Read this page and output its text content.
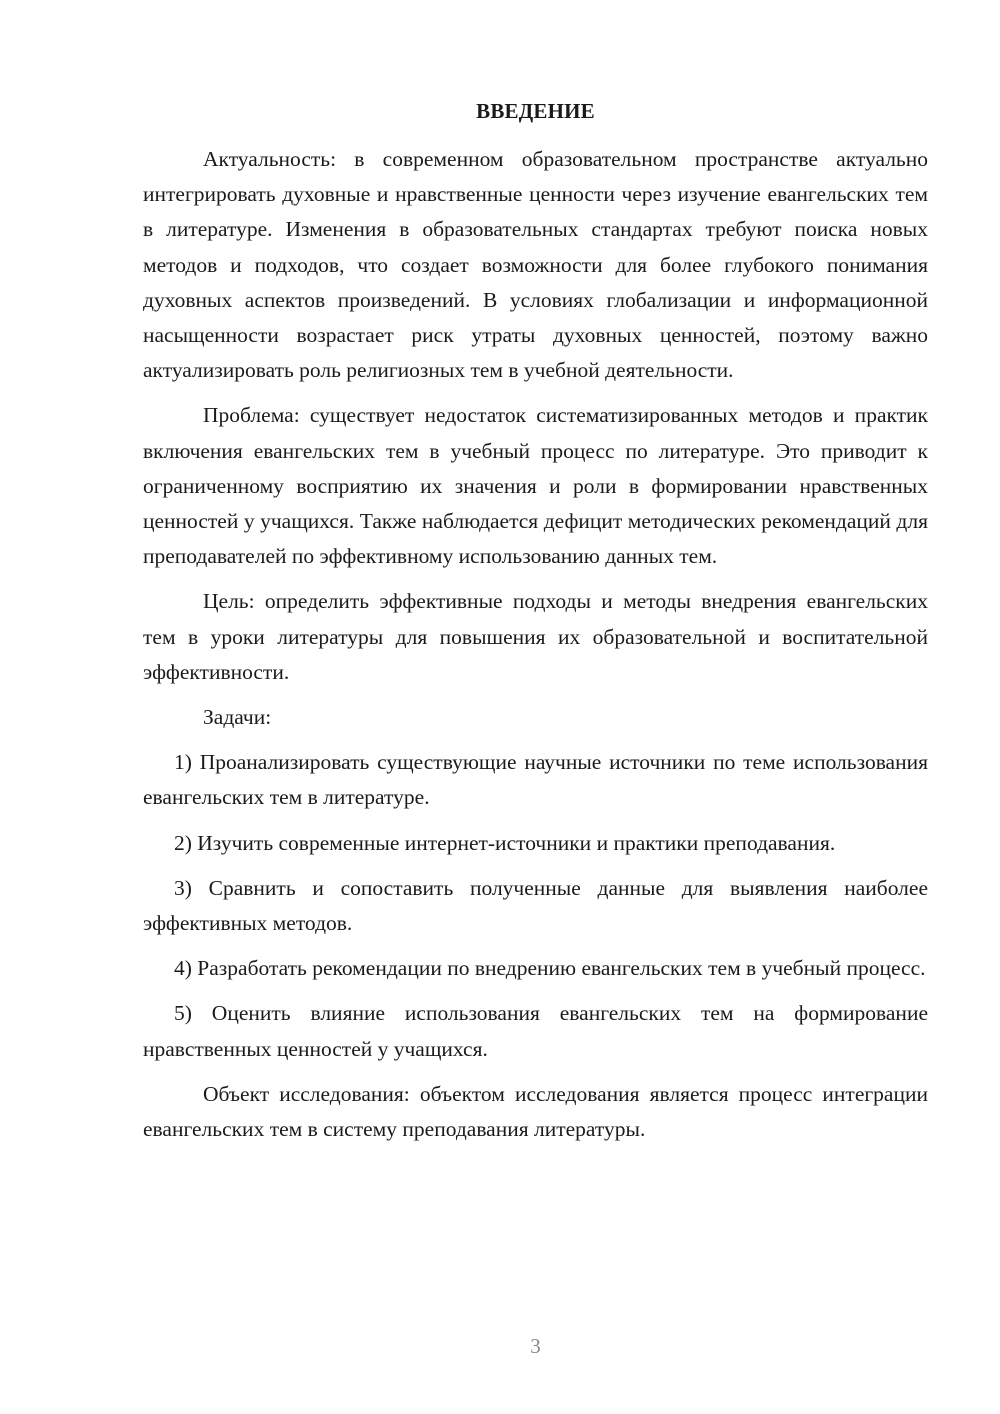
ВВЕДЕНИЕ

Актуальность: в современном образовательном пространстве актуально интегрировать духовные и нравственные ценности через изучение евангельских тем в литературе. Изменения в образовательных стандартах требуют поиска новых методов и подходов, что создает возможности для более глубокого понимания духовных аспектов произведений. В условиях глобализации и информационной насыщенности возрастает риск утраты духовных ценностей, поэтому важно актуализировать роль религиозных тем в учебной деятельности.

Проблема: существует недостаток систематизированных методов и практик включения евангельских тем в учебный процесс по литературе. Это приводит к ограниченному восприятию их значения и роли в формировании нравственных ценностей у учащихся. Также наблюдается дефицит методических рекомендаций для преподавателей по эффективному использованию данных тем.

Цель: определить эффективные подходы и методы внедрения евангельских тем в уроки литературы для повышения их образовательной и воспитательной эффективности.

Задачи:

1) Проанализировать существующие научные источники по теме использования евангельских тем в литературе.

2) Изучить современные интернет-источники и практики преподавания.

3) Сравнить и сопоставить полученные данные для выявления наиболее эффективных методов.

4) Разработать рекомендации по внедрению евангельских тем в учебный процесс.

5) Оценить влияние использования евангельских тем на формирование нравственных ценностей у учащихся.

Объект исследования: объектом исследования является процесс интеграции евангельских тем в систему преподавания литературы.

3
